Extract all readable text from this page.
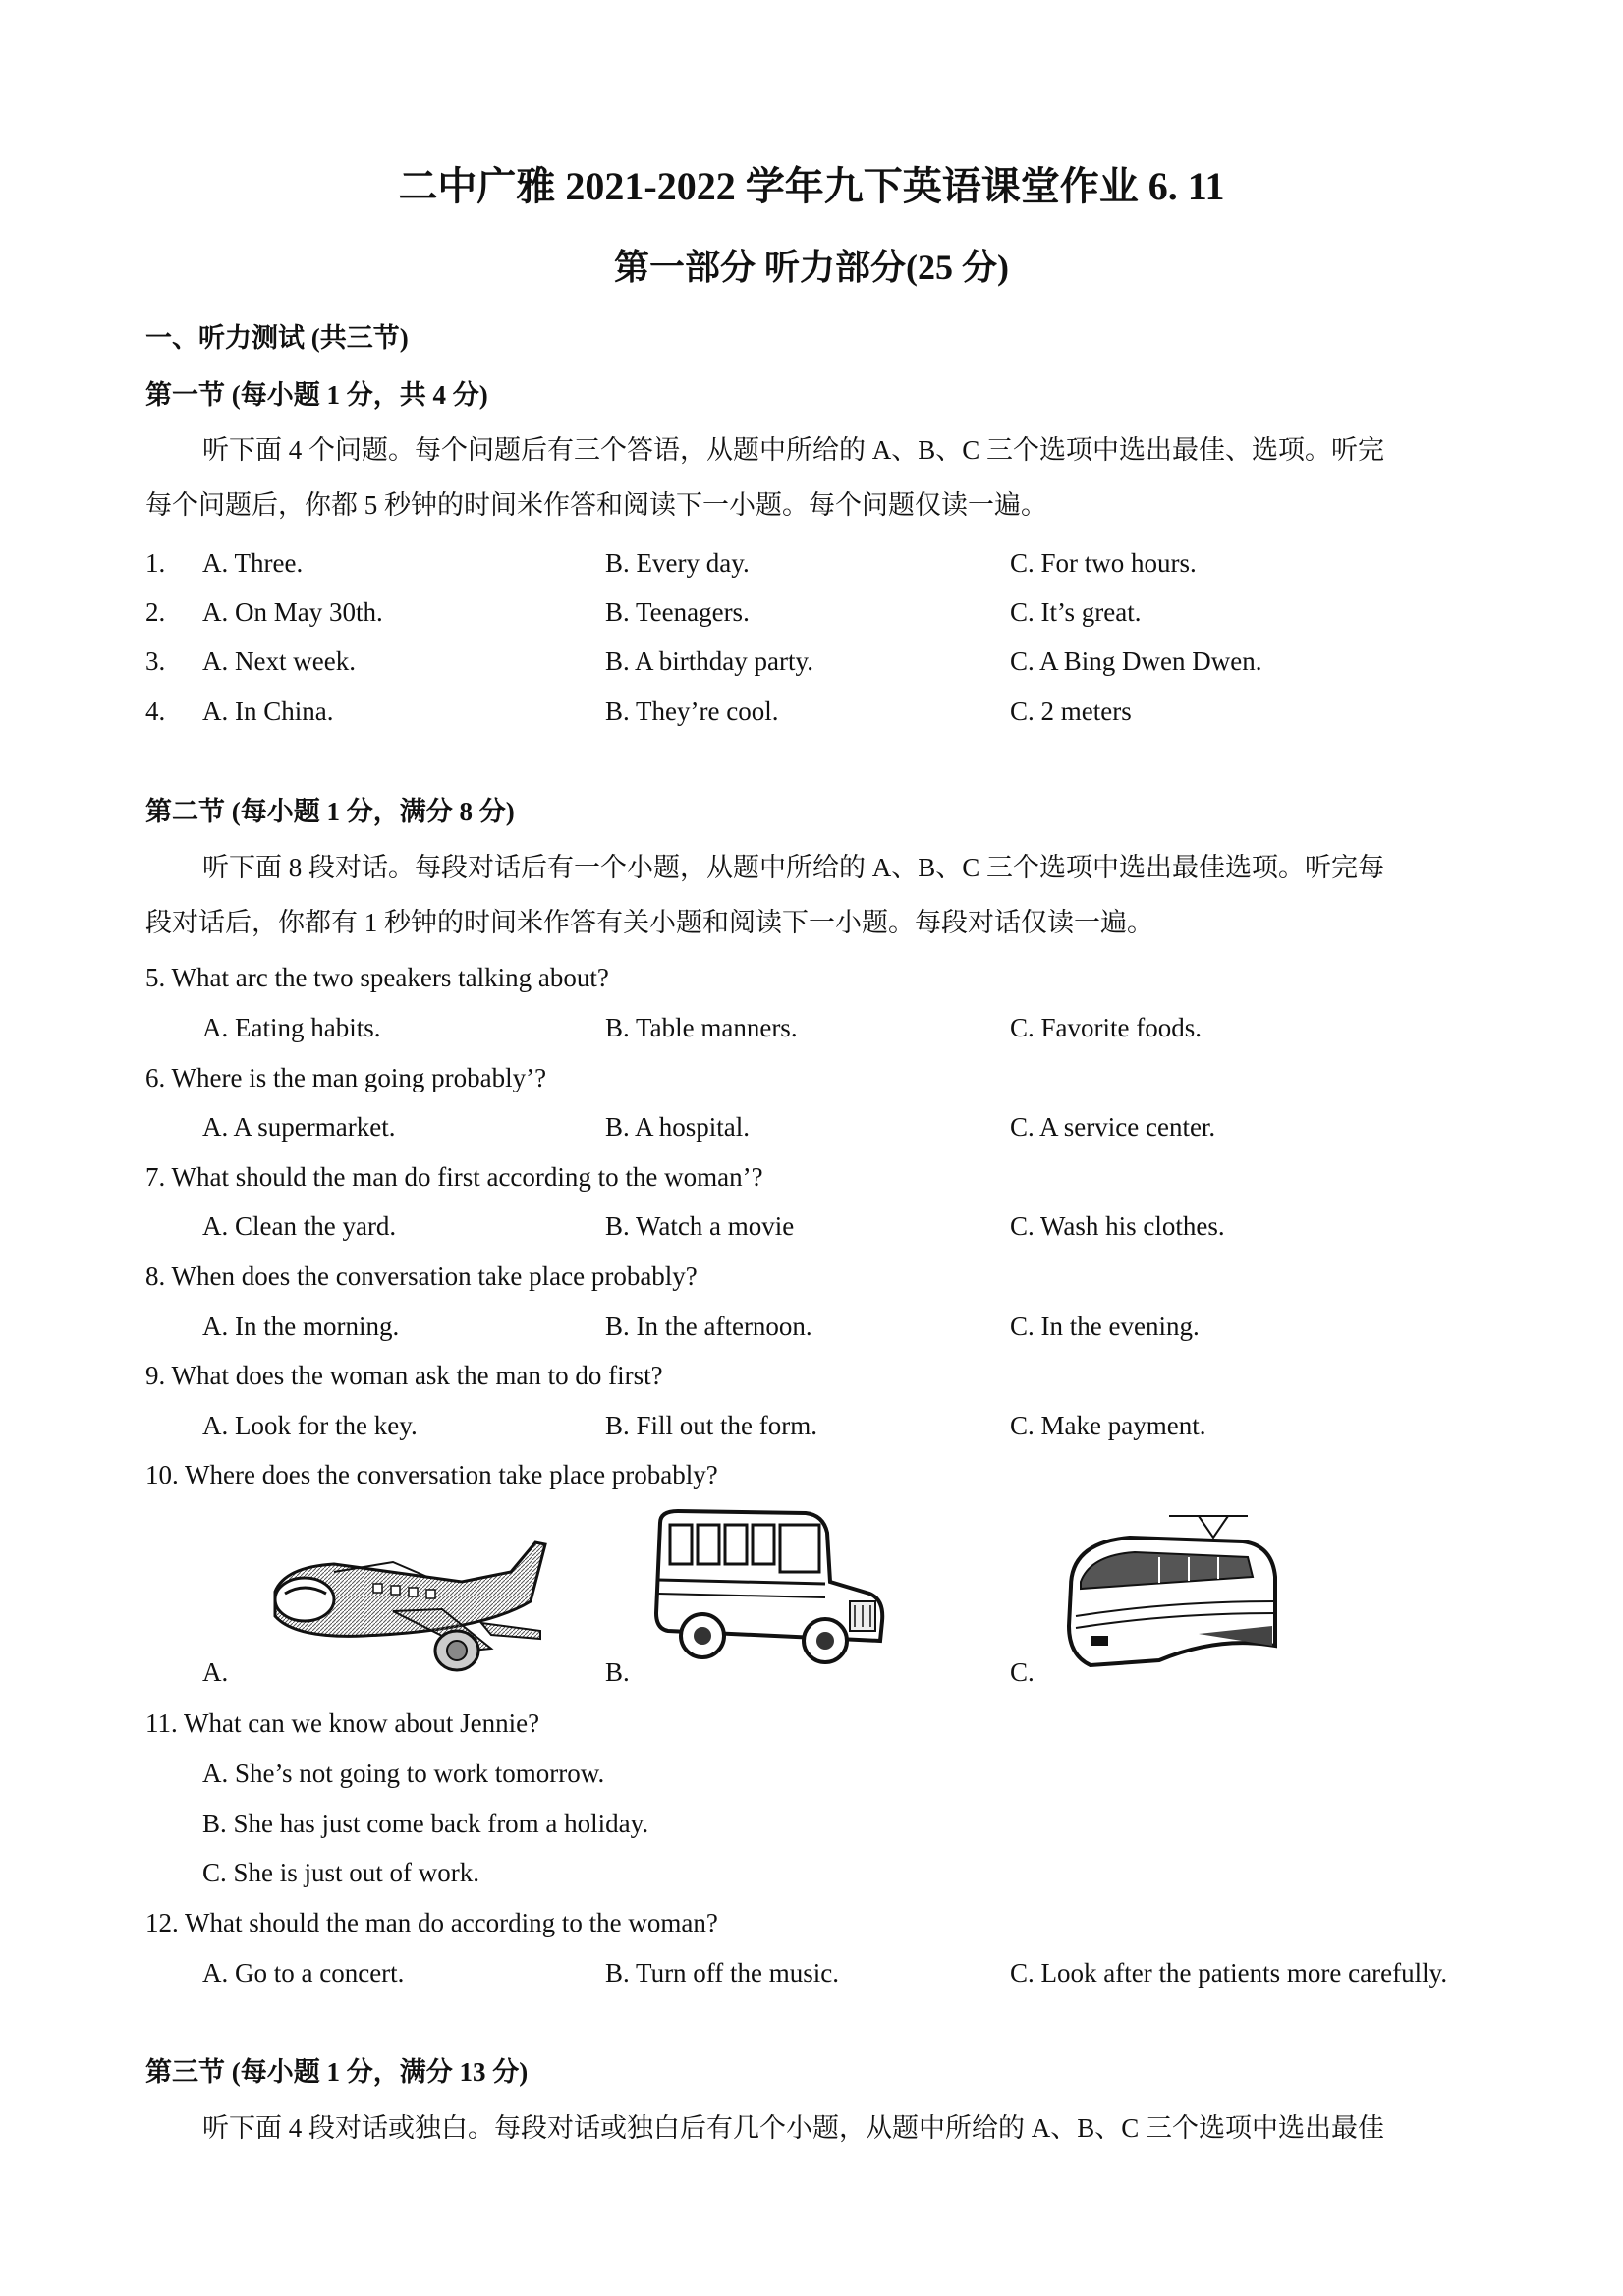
二中广雅 2021-2022 学年九下英语课堂作业 6. 11
第一部分 听力部分(25 分)
一、听力测试 (共三节)
第一节 (每小题 1 分，共 4 分)
听下面 4 个问题。每个问题后有三个答语，从题中所给的 A、B、C 三个选项中选出最佳、选项。听完
每个问题后，你都 5 秒钟的时间米作答和阅读下一小题。每个问题仅读一遍。
1. A. Three.	B. Every day.	C. For two hours.
2. A. On May 30th.	B. Teenagers.	C. It’s great.
3. A. Next week.	B. A birthday party.	C. A Bing Dwen Dwen.
4. A. In China.	B. They’re cool.	C. 2 meters
第二节 (每小题 1 分，满分 8 分)
听下面 8 段对话。每段对话后有一个小题，从题中所给的 A、B、C 三个选项中选出最佳选项。听完每
段对话后，你都有 1 秒钟的时间米作答有关小题和阅读下一小题。每段对话仅读一遍。
5. What arc the two speakers talking about?
A. Eating habits.	B. Table manners.	C. Favorite foods.
6. Where is the man going probably’?
A. A supermarket.	B. A hospital.	C. A service center.
7. What should the man do first according to the woman’?
A. Clean the yard.	B. Watch a movie	C. Wash his clothes.
8. When does the conversation take place probably?
A. In the morning.	B. In the afternoon.	C. In the evening.
9. What does the woman ask the man to do first?
A. Look for the key.	B. Fill out the form.	C. Make payment.
10. Where does the conversation take place probably?
A.	B.	C.
11. What can we know about Jennie?
A. She’s not going to work tomorrow.
B. She has just come back from a holiday.
C. She is just out of work.
12. What should the man do according to the woman?
A. Go to a concert.	B. Turn off the music.	C. Look after the patients more carefully.
第三节 (每小题 1 分，满分 13 分)
听下面 4 段对话或独白。每段对话或独白后有几个小题，从题中所给的 A、B、C 三个选项中选出最佳
